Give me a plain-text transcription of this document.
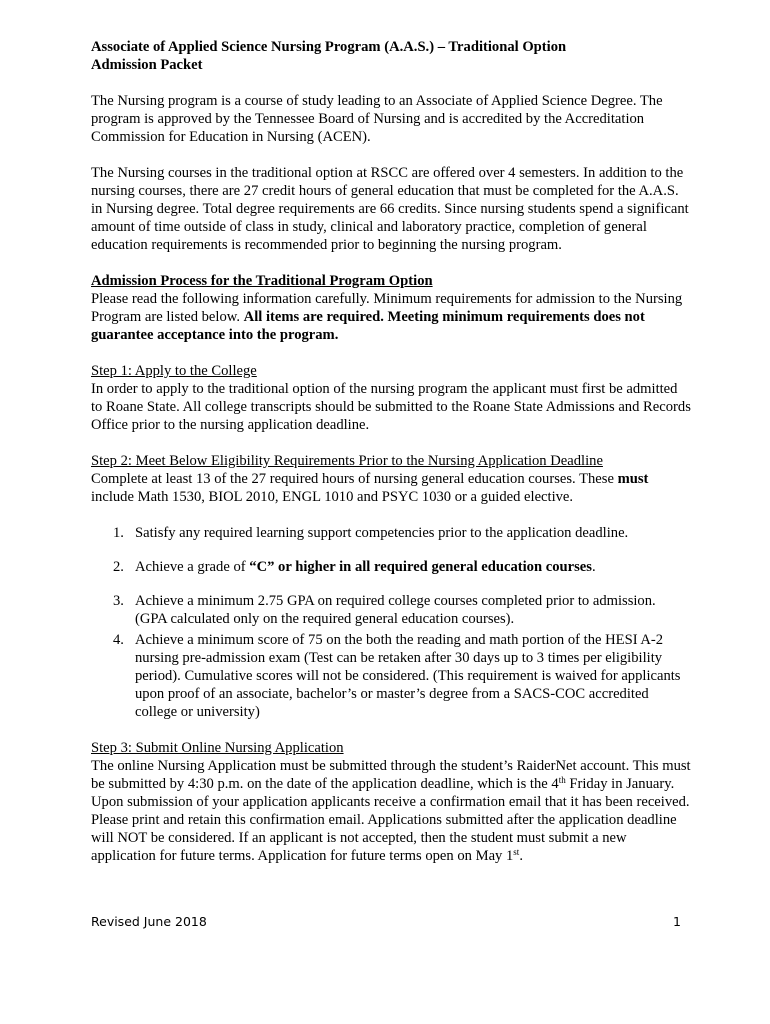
Associate of Applied Science Nursing Program (A.A.S.) – Traditional Option

Admission Packet

The Nursing program is a course of study leading to an Associate of Applied Science Degree. The program is approved by the Tennessee Board of Nursing and is accredited by the Accreditation Commission for Education in Nursing (ACEN).

The Nursing courses in the traditional option at RSCC are offered over 4 semesters. In addition to the nursing courses, there are 27 credit hours of general education that must be completed for the A.A.S. in Nursing degree. Total degree requirements are 66 credits. Since nursing students spend a significant amount of time outside of class in study, clinical and laboratory practice, completion of general education requirements is recommended prior to beginning the nursing program.

Admission Process for the Traditional Program Option

Please read the following information carefully. Minimum requirements for admission to the Nursing Program are listed below. All items are required. Meeting minimum requirements does not guarantee acceptance into the program.

Step 1: Apply to the College

In order to apply to the traditional option of the nursing program the applicant must first be admitted to Roane State. All college transcripts should be submitted to the Roane State Admissions and Records Office prior to the nursing application deadline.

Step 2: Meet Below Eligibility Requirements Prior to the Nursing Application Deadline

Complete at least 13 of the 27 required hours of nursing general education courses. These must include Math 1530, BIOL 2010, ENGL 1010 and PSYC 1030 or a guided elective.

1. Satisfy any required learning support competencies prior to the application deadline.
2. Achieve a grade of “C” or higher in all required general education courses.
3. Achieve a minimum 2.75 GPA on required college courses completed prior to admission. (GPA calculated only on the required general education courses).
4. Achieve a minimum score of 75 on the both the reading and math portion of the HESI A-2 nursing pre-admission exam (Test can be retaken after 30 days up to 3 times per eligibility period). Cumulative scores will not be considered. (This requirement is waived for applicants upon proof of an associate, bachelor’s or master’s degree from a SACS-COC accredited college or university)

Step 3: Submit Online Nursing Application

The online Nursing Application must be submitted through the student’s RaiderNet account. This must be submitted by 4:30 p.m. on the date of the application deadline, which is the 4th Friday in January. Upon submission of your application applicants receive a confirmation email that it has been received. Please print and retain this confirmation email. Applications submitted after the application deadline will NOT be considered. If an applicant is not accepted, then the student must submit a new application for future terms. Application for future terms open on May 1st.

Revised June 2018	1
